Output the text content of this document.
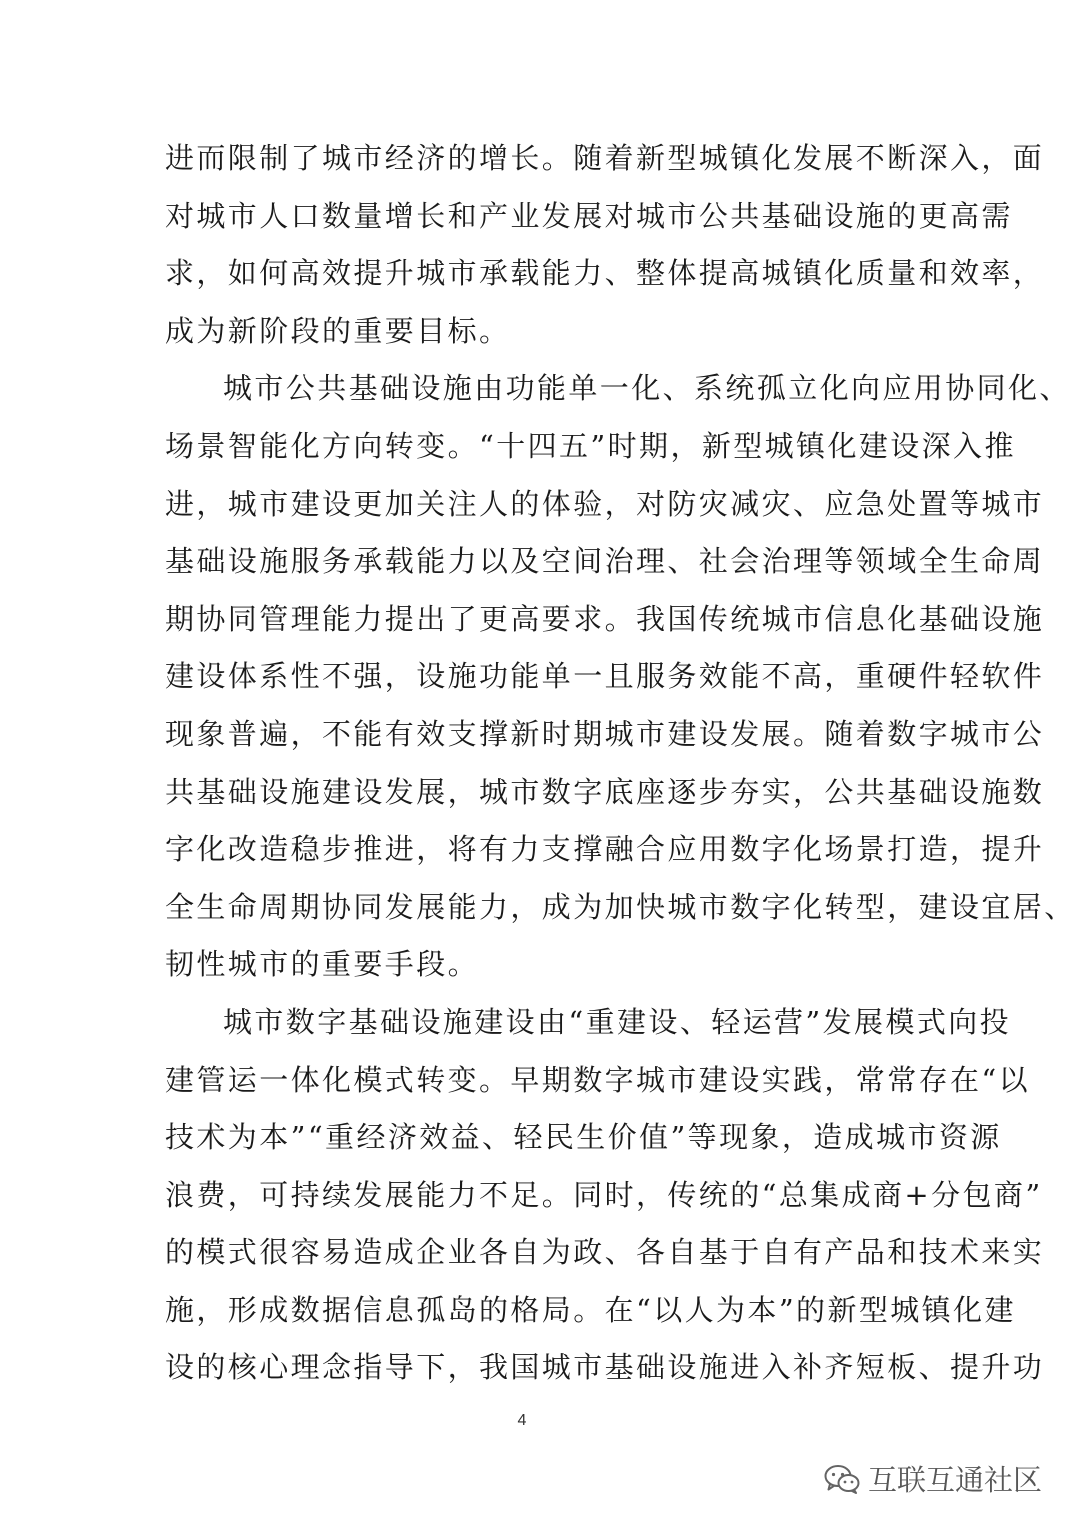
进而限制了城市经济的增长。随着新型城镇化发展不断深入，面
对城市人口数量增长和产业发展对城市公共基础设施的更高需
求，如何高效提升城市承载能力、整体提高城镇化质量和效率，
成为新阶段的重要目标。
城市公共基础设施由功能单一化、系统孤立化向应用协同化、
场景智能化方向转变。“十四五”时期，新型城镇化建设深入推
进，城市建设更加关注人的体验，对防灾减灾、应急处置等城市
基础设施服务承载能力以及空间治理、社会治理等领域全生命周
期协同管理能力提出了更高要求。我国传统城市信息化基础设施
建设体系性不强，设施功能单一且服务效能不高，重硬件轻软件
现象普遍，不能有效支撑新时期城市建设发展。随着数字城市公
共基础设施建设发展，城市数字底座逐步夯实，公共基础设施数
字化改造稳步推进，将有力支撑融合应用数字化场景打造，提升
全生命周期协同发展能力，成为加快城市数字化转型，建设宜居、
韧性城市的重要手段。
城市数字基础设施建设由“重建设、轻运营”发展模式向投
建管运一体化模式转变。早期数字城市建设实践，常常存在“以
技术为本”“重经济效益、轻民生价值”等现象，造成城市资源
浪费，可持续发展能力不足。同时，传统的“总集成商+分包商”
的模式很容易造成企业各自为政、各自基于自有产品和技术来实
施，形成数据信息孤岛的格局。在“以人为本”的新型城镇化建
设的核心理念指导下，我国城市基础设施进入补齐短板、提升功
4
互联互通社区
